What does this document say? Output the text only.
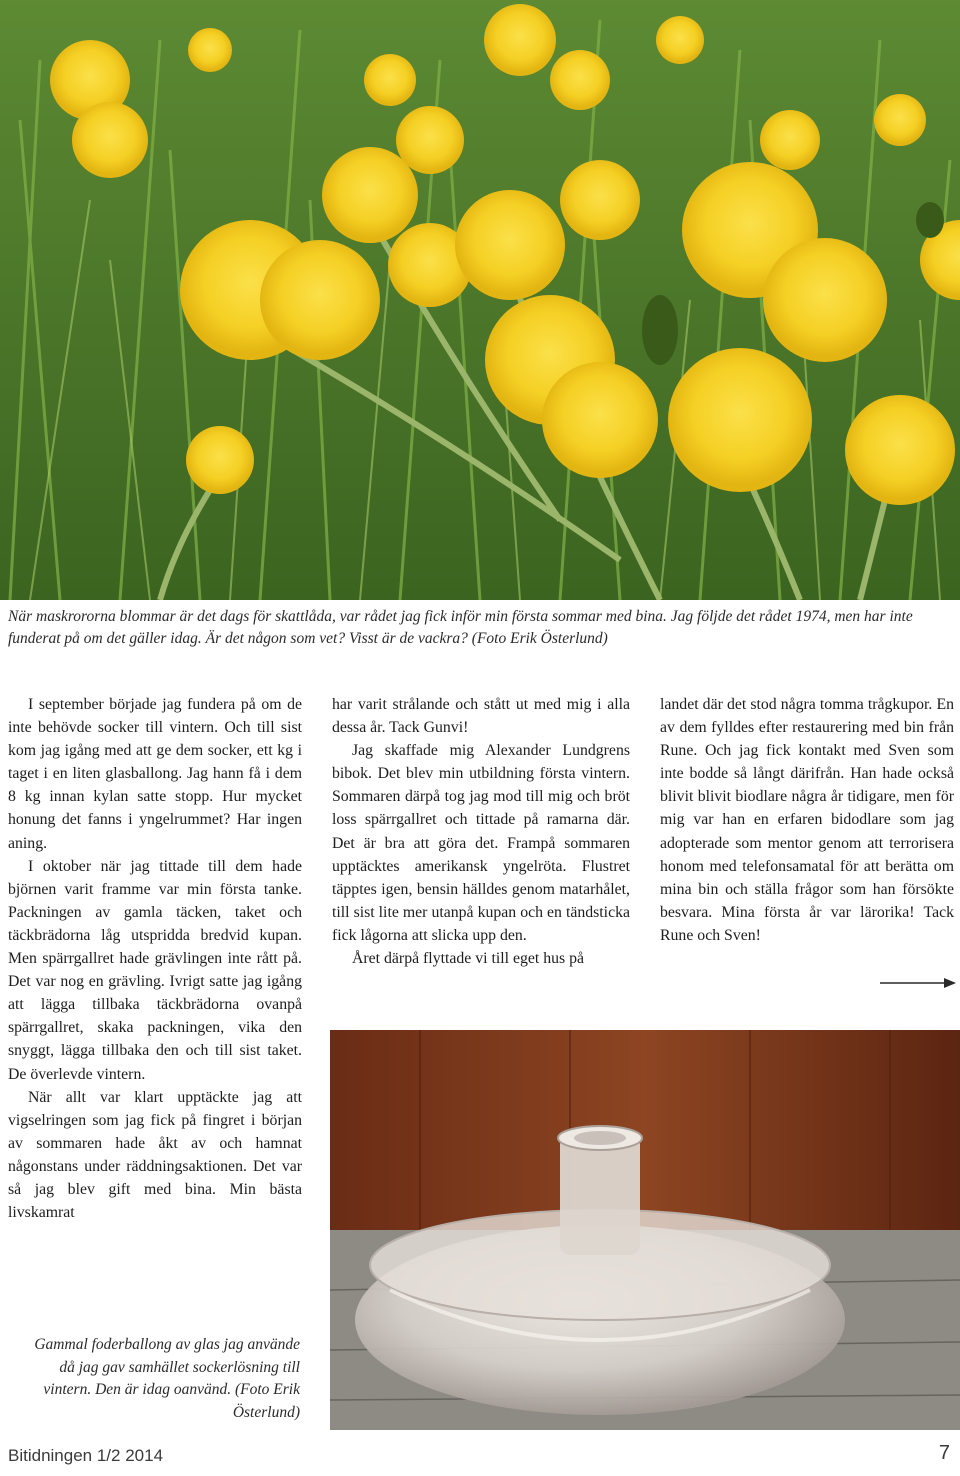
När maskrororna blommar är det dags för skattlåda, var rådet jag fick inför min första sommar med bina. Jag följde det rådet 1974, men har inte funderat på om det gäller idag. Är det någon som vet? Visst är de vackra? (Foto Erik Österlund)

I september började jag fundera på om de inte behövde socker till vintern. Och till sist kom jag igång med att ge dem socker, ett kg i taget i en liten glasballong. Jag hann få i dem 8 kg innan kylan satte stopp. Hur mycket honung det fanns i yngelrummet? Har ingen aning.

I oktober när jag tittade till dem hade björnen varit framme var min första tanke. Packningen av gamla täcken, taket och täckbrädorna låg utspridda bredvid kupan. Men spärrgallret hade grävlingen inte rått på. Det var nog en grävling. Ivrigt satte jag igång att lägga tillbaka täckbrädorna ovanpå spärrgallret, skaka packningen, vika den snyggt, lägga tillbaka den och till sist taket. De överlevde vintern.

När allt var klart upptäckte jag att vigselringen som jag fick på fingret i början av sommaren hade åkt av och hamnat någonstans under räddningsaktionen. Det var så jag blev gift med bina. Min bästa livskamrat

har varit strålande och stått ut med mig i alla dessa år. Tack Gunvi!

Jag skaffade mig Alexander Lundgrens bibok. Det blev min utbildning första vintern. Sommaren därpå tog jag mod till mig och bröt loss spärrgallret och tittade på ramarna där. Det är bra att göra det. Frampå sommaren upptäcktes amerikansk yngelröta. Flustret täpptes igen, bensin hälldes genom matarhålet, till sist lite mer utanpå kupan och en tändsticka fick lågorna att slicka upp den.

Året därpå flyttade vi till eget hus på

landet där det stod några tomma trågkupor. En av dem fylldes efter restaurering med bin från Rune. Och jag fick kontakt med Sven som inte bodde så långt därifrån. Han hade också blivit blivit biodlare några år tidigare, men för mig var han en erfaren bidodlare som jag adopterade som mentor genom att terrorisera honom med telefonsamatal för att berätta om mina bin och ställa frågor som han försökte besvara. Mina första år var lärorika! Tack Rune och Sven!

Gammal foderballong av glas jag använde då jag gav samhället sockerlösning till vintern. Den är idag oanvänd. (Foto Erik Österlund)
Bitidningen 1/2 2014	7
